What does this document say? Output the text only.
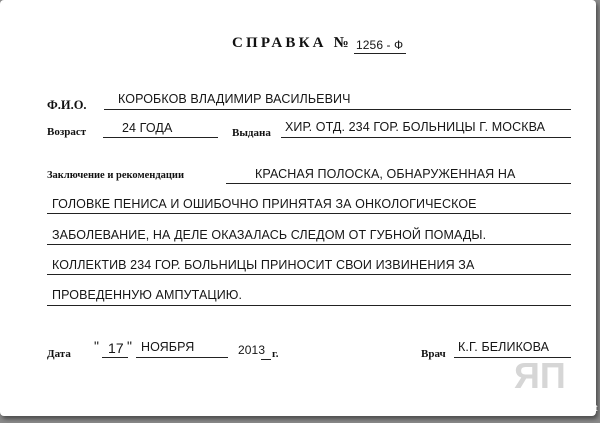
СПРАВКА № 1256 - Ф
Ф.И.О.	КОРОБКОВ ВЛАДИМИР ВАСИЛЬЕВИЧ
Возраст	24 ГОДА	Выдана ХИР. ОТД. 234 ГОР. БОЛЬНИЦЫ Г. МОСКВА
Заключение и рекомендации	КРАСНАЯ ПОЛОСКА, ОБНАРУЖЕННАЯ НА
ГОЛОВКЕ ПЕНИСА И ОШИБОЧНО ПРИНЯТАЯ ЗА ОНКОЛОГИЧЕСКОЕ
ЗАБОЛЕВАНИЕ, НА ДЕЛЕ ОКАЗАЛАСЬ СЛЕДОМ ОТ ГУБНОЙ ПОМАДЫ.
КОЛЛЕКТИВ 234 ГОР. БОЛЬНИЦЫ ПРИНОСИТ СВОИ ИЗВИНЕНИЯ ЗА
ПРОВЕДЕННУЮ АМПУТАЦИЮ.
Дата " 17 " НОЯБРЯ	2013 г.	Врач К.Г. БЕЛИКОВА
ЯП
Fishki.net
